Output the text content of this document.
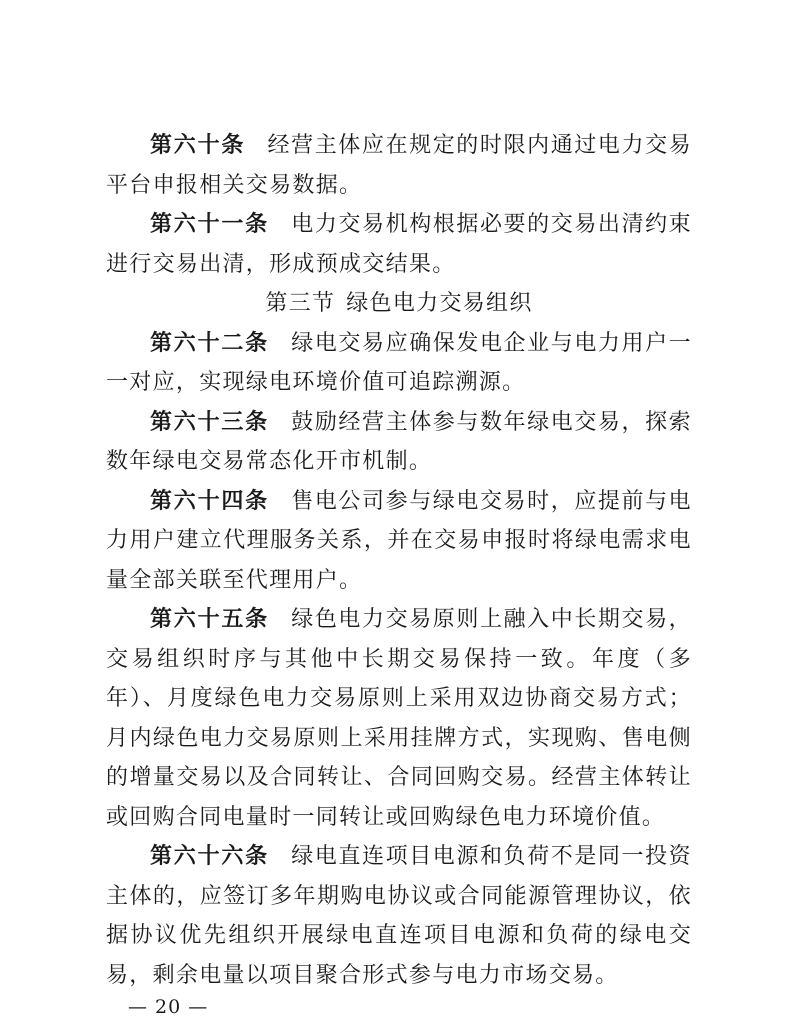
第六十条 经营主体应在规定的时限内通过电力交易平台申报相关交易数据。

第六十一条 电力交易机构根据必要的交易出清约束进行交易出清，形成预成交结果。

第三节 绿色电力交易组织

第六十二条 绿电交易应确保发电企业与电力用户一一对应，实现绿电环境价值可追踪溯源。

第六十三条 鼓励经营主体参与数年绿电交易，探索数年绿电交易常态化开市机制。

第六十四条 售电公司参与绿电交易时，应提前与电力用户建立代理服务关系，并在交易申报时将绿电需求电量全部关联至代理用户。

第六十五条 绿色电力交易原则上融入中长期交易，交易组织时序与其他中长期交易保持一致。年度（多年）、月度绿色电力交易原则上采用双边协商交易方式；月内绿色电力交易原则上采用挂牌方式，实现购、售电侧的增量交易以及合同转让、合同回购交易。经营主体转让或回购合同电量时一同转让或回购绿色电力环境价值。

第六十六条 绿电直连项目电源和负荷不是同一投资主体的，应签订多年期购电协议或合同能源管理协议，依据协议优先组织开展绿电直连项目电源和负荷的绿电交易，剩余电量以项目聚合形式参与电力市场交易。

— 20 —
